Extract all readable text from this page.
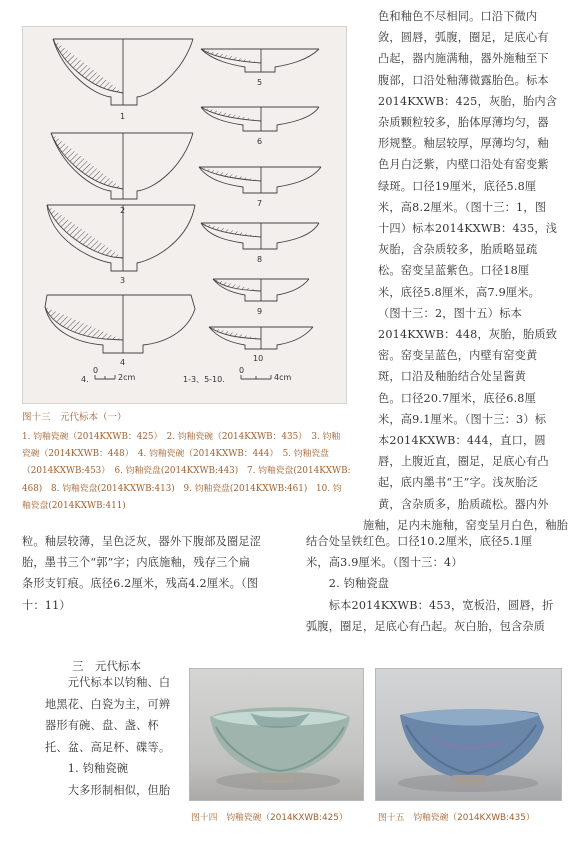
1
2
3
4
5
6
7
8
9
10
4.
0
2cm	1-3、5-10.
0
4cm
图十三　元代标本（一）
1. 钧釉瓷碗（2014KXWB：425）　2. 钧釉瓷碗（2014KXWB：435）　3. 钧釉
瓷碗（2014KXWB：448）　4. 钧釉瓷碗（2014KXWB：444）　5. 钧釉瓷盘
（2014KXWB:453）　6. 钧釉瓷盘(2014KXWB:443)　7. 钧釉瓷盘(2014KXWB:
468)　8. 钧釉瓷盘(2014KXWB:413)　9. 钧釉瓷盘(2014KXWB:461)　10. 钧
釉瓷盘(2014KXWB:411)
色和釉色不尽相同。口沿下微内
敛，圆唇，弧腹，圈足，足底心有
凸起，器内施满釉，器外施釉至下
腹部，口沿处釉薄微露胎色。标本
2014KXWB：425，灰胎，胎内含
杂质颗粒较多，胎体厚薄均匀，器
形规整。釉层较厚，厚薄均匀，釉
色月白泛紫，内壁口沿处有窑变紫
绿斑。口径19厘米，底径5.8厘
米，高8.2厘米。（图十三：1，图
十四）标本2014KXWB：435，浅
灰胎，含杂质较多，胎质略显疏
松。窑变呈蓝紫色。口径18厘
米，底径5.8厘米，高7.9厘米。
（图十三：2，图十五）标本
2014KXWB：448，灰胎，胎质致
密。窑变呈蓝色，内壁有窑变黄
斑，口沿及釉胎结合处呈酱黄
色。口径20.7厘米，底径6.8厘
米，高9.1厘米。（图十三：3）标
本2014KXWB：444，直口，圆
唇，上腹近直，圈足，足底心有凸
起，底内墨书“王”字。浅灰胎泛
黄，含杂质多，胎质疏松。器内外
施釉，足内未施釉，窑变呈月白色，釉胎
粒。釉层较薄，呈色泛灰，器外下腹部及圈足涩
胎，墨书三个“郭”字；内底施釉，残存三个扁
条形支钉痕。底径6.2厘米，残高4.2厘米。（图
十：11）
结合处呈铁红色。口径10.2厘米，底径5.1厘
米，高3.9厘米。（图十三：4）
　　2. 钧釉瓷盘
　　标本2014KXWB：453，宽板沿，圆唇，折
弧腹，圈足，足底心有凸起。灰白胎，包含杂质
三　元代标本
　　元代标本以钧釉、白
地黑花、白瓷为主，可辨
器形有碗、盘、盏、杯
托、盆、高足杯、碟等。
　　1. 钧釉瓷碗
　　大多形制相似，但胎
图十四　钧釉瓷碗（2014KXWB:425）	图十五　钧釉瓷碗（2014KXWB:435）
